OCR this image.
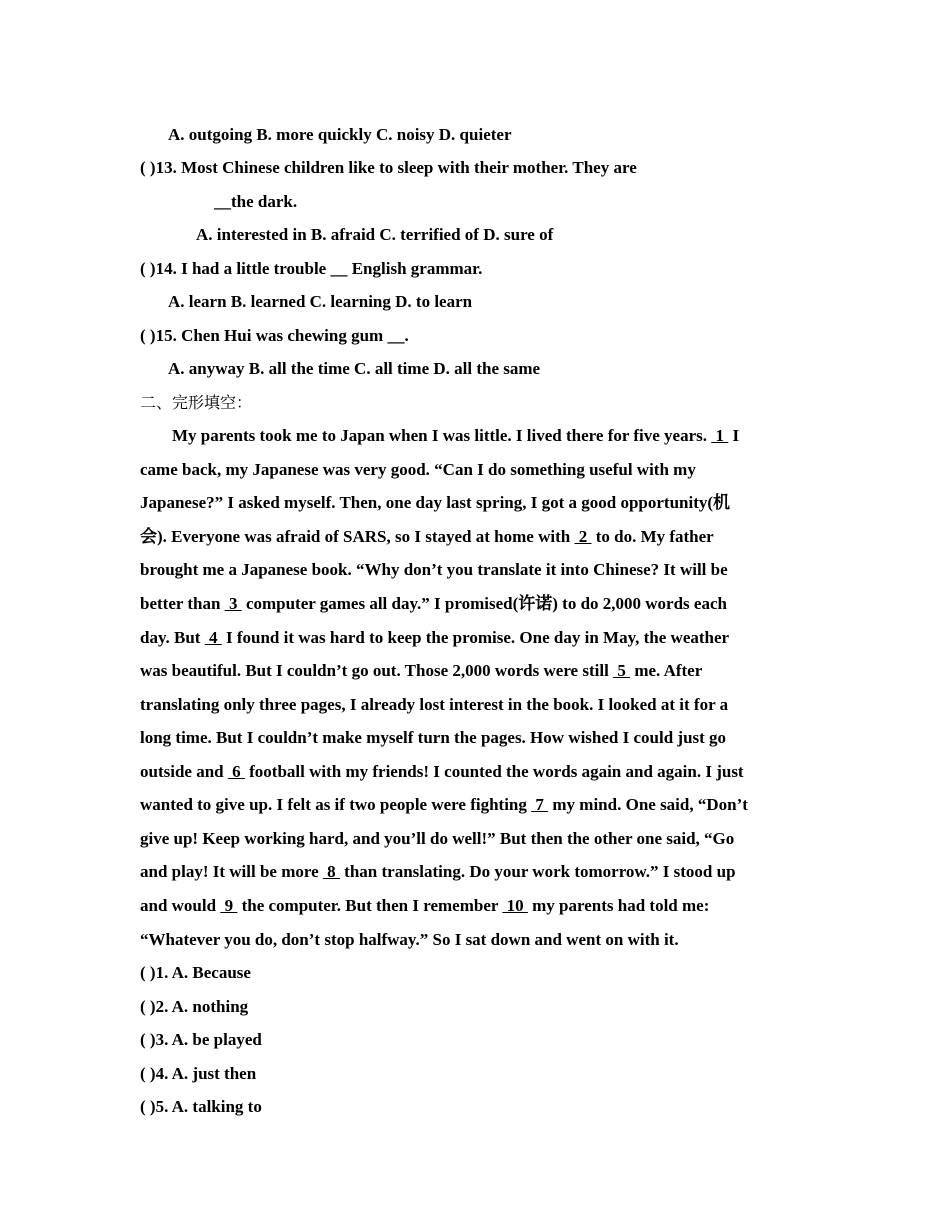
A. outgoing B. more quickly C. noisy D. quieter
( )13. Most Chinese children like to sleep with their mother. They are
__the dark.
A. interested in B. afraid C. terrified of D. sure of
( )14. I had a little trouble __ English grammar.
A. learn B. learned C. learning D. to learn
( )15. Chen Hui was chewing gum __.
A. anyway B. all the time C. all time D. all the same
二、完形填空：
My parents took me to Japan when I was little. I lived there for five years.  1  I
came back, my Japanese was very good. “Can I do something useful with my
Japanese?” I asked myself. Then, one day last spring, I got a good opportunity(机
会). Everyone was afraid of SARS, so I stayed at home with  2  to do. My father
brought me a Japanese book. “Why don’t you translate it into Chinese? It will be
better than  3  computer games all day.” I promised(许诺) to do 2,000 words each
day. But  4  I found it was hard to keep the promise. One day in May, the weather
was beautiful. But I couldn’t go out. Those 2,000 words were still  5  me. After
translating only three pages, I already lost interest in the book. I looked at it for a
long time. But I couldn’t make myself turn the pages. How wished I could just go
outside and  6  football with my friends! I counted the words again and again. I just
wanted to give up. I felt as if two people were fighting  7  my mind. One said, “Don’t
give up! Keep working hard, and you’ll do well!” But then the other one said, “Go
and play! It will be more  8  than translating. Do your work tomorrow.” I stood up
and would  9  the computer. But then I remember  10  my parents had told me:
“Whatever you do, don’t stop halfway.” So I sat down and went on with it.
( )1. A. Because
( )2. A. nothing
( )3. A. be played
( )4. A. just then
( )5. A. talking to
